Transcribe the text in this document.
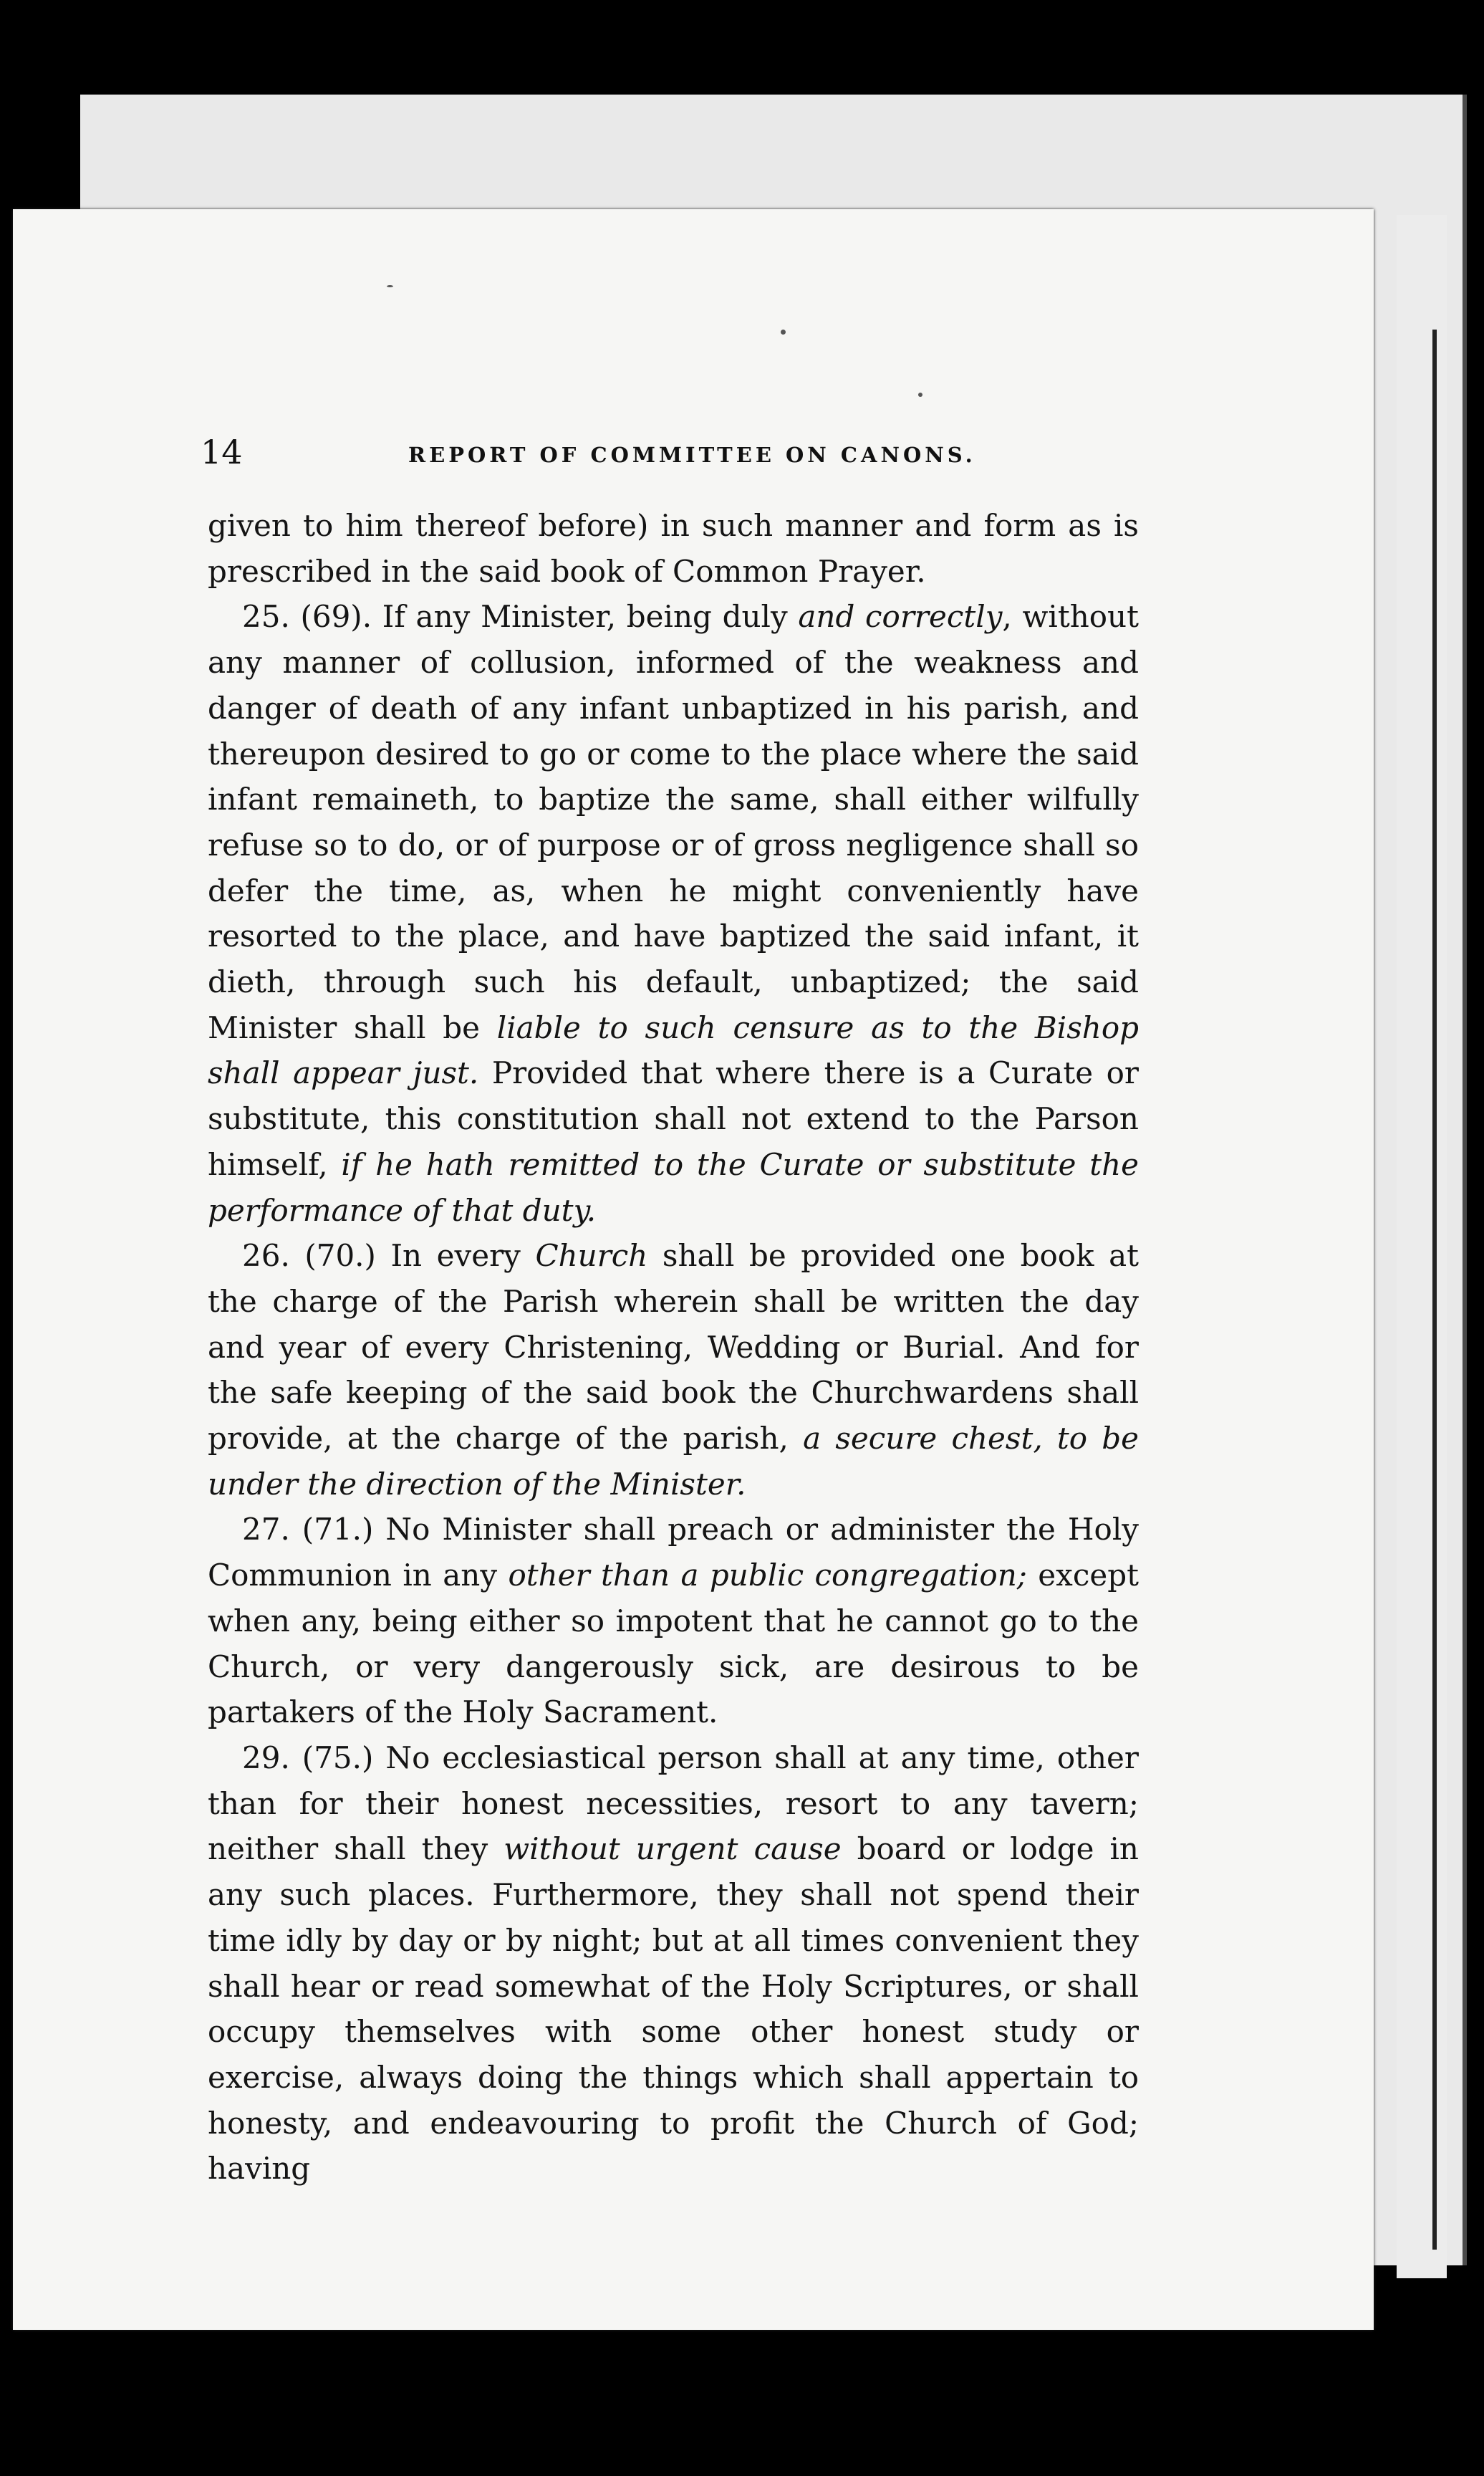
14	REPORT OF COMMITTEE ON CANONS.

given to him thereof before) in such manner and form as is prescribed in the said book of Common Prayer.

25. (69). If any Minister, being duly and correctly, without any manner of collusion, informed of the weakness and danger of death of any infant unbaptized in his parish, and thereupon desired to go or come to the place where the said infant remaineth, to baptize the same, shall either wilfully refuse so to do, or of purpose or of gross negligence shall so defer the time, as, when he might conveniently have resorted to the place, and have baptized the said infant, it dieth, through such his default, unbaptized; the said Minister shall be liable to such censure as to the Bishop shall appear just. Provided that where there is a Curate or substitute, this constitution shall not extend to the Parson himself, if he hath remitted to the Curate or substitute the performance of that duty.

26. (70.) In every Church shall be provided one book at the charge of the Parish wherein shall be written the day and year of every Christening, Wedding or Burial. And for the safe keeping of the said book the Churchwardens shall provide, at the charge of the parish, a secure chest, to be under the direction of the Minister.

27. (71.) No Minister shall preach or administer the Holy Communion in any other than a public congregation; except when any, being either so impotent that he cannot go to the Church, or very dangerously sick, are desirous to be partakers of the Holy Sacrament.

29. (75.) No ecclesiastical person shall at any time, other than for their honest necessities, resort to any tavern; neither shall they without urgent cause board or lodge in any such places. Furthermore, they shall not spend their time idly by day or by night; but at all times convenient they shall hear or read somewhat of the Holy Scriptures, or shall occupy themselves with some other honest study or exercise, always doing the things which shall appertain to honesty, and endeavouring to profit the Church of God; having
